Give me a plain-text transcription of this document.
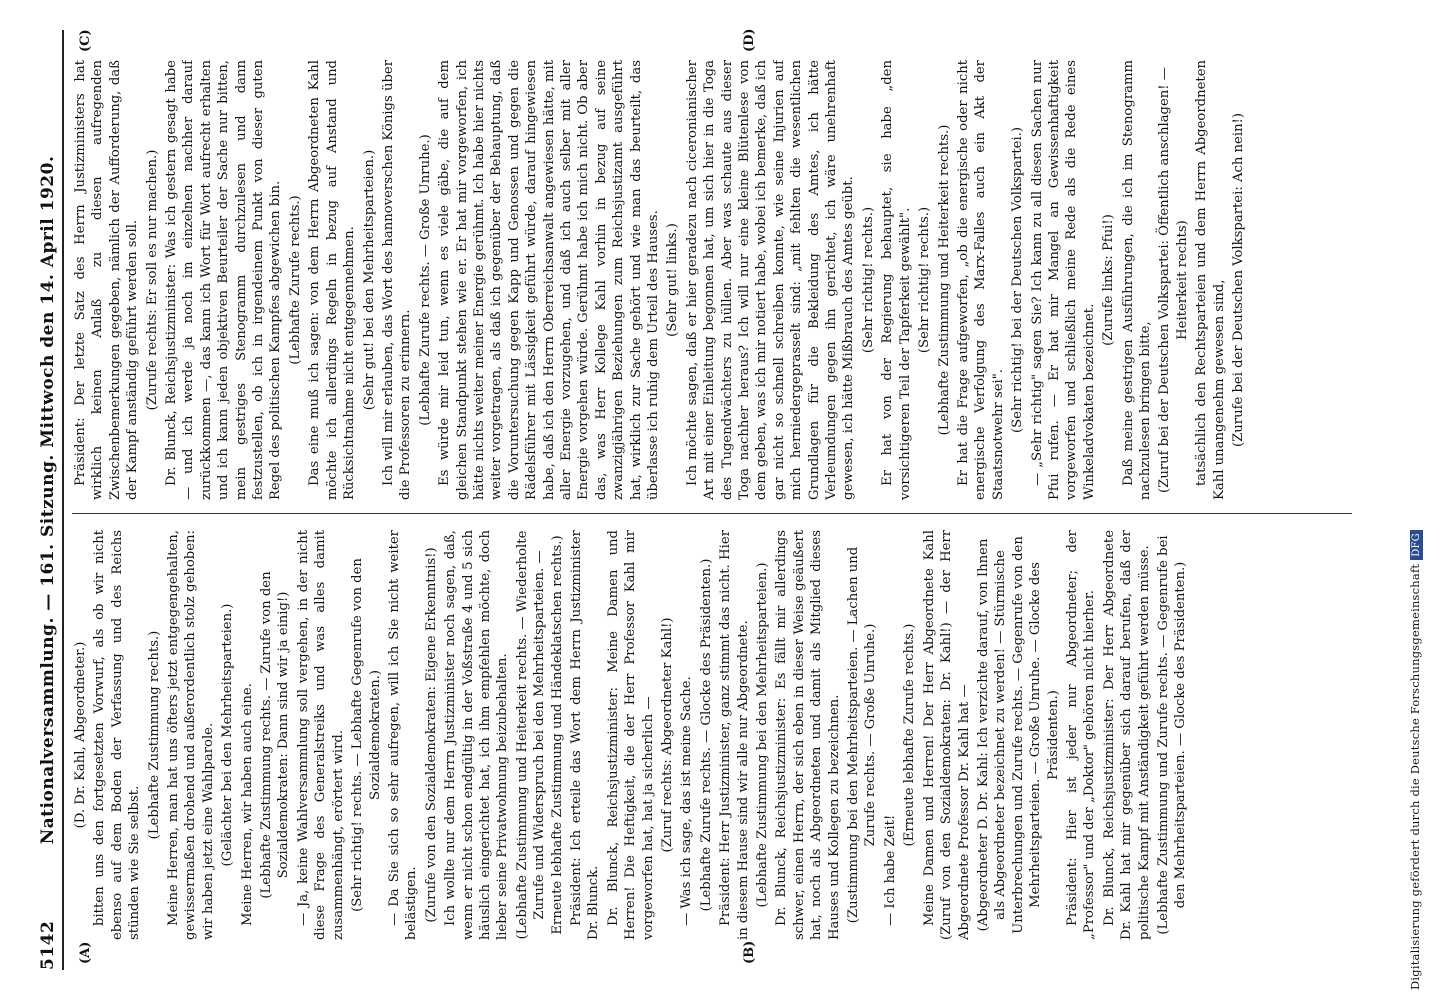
5142
Nationalversammlung. — 161. Sitzung. Mittwoch den 14. April 1920.
(A)	(B)
(C)	(D)

(D. Dr. Kahl, Abgeordneter.) bitten uns den fortgesetzten Vorwurf, als ob wir nicht ebenso auf dem Boden der Verfassung und des Reichs stünden wie Sie selbst.

(Lebhafte Zustimmung rechts.) Meine Herren, man hat uns öfters jetzt entgegengehalten, gewissermaßen drohend und außerordentlich stolz gehoben: wir haben jetzt eine Wahlparole. (Gelächter bei den Mehrheitsparteien.) Meine Herren, wir haben auch eine. (Lebhafte Zustimmung rechts. — Zurufe von den Sozialdemokraten: Dann sind wir ja einig!) — Ja, keine Wahlversammlung soll vergehen, in der nicht diese Frage des Generalstreiks und was alles damit zusammenhängt, erörtert wird. (Sehr richtig! rechts. — Lebhafte Gegenrufe von den Sozialdemokraten.) — Da Sie sich so sehr aufregen, will ich Sie nicht weiter belästigen. (Zurufe von den Sozialdemokraten: Eigene Erkenntnis!) Ich wollte nur dem Herrn Justizminister noch sagen, daß, wenn er nicht schon endgültig in der Voßstraße 4 und 5 sich häuslich eingerichtet hat, ich ihm empfehlen möchte, doch lieber seine Privatwohnung beizubehalten. (Lebhafte Zustimmung und Heiterkeit rechts. — Wiederholte Zurufe und Widerspruch bei den Mehrheitsparteien. — Erneute lebhafte Zustimmung und Händeklatschen rechts.) Präsident: Ich erteile das Wort dem Herrn Justizminister Dr. Blunck. Dr. Blunck, Reichsjustizminister: Meine Damen und Herren! Die Heftigkeit, die der Herr Professor Kahl mir vorgeworfen hat, hat ja sicherlich — (Zuruf rechts: Abgeordneter Kahl!) — Was ich sage, das ist meine Sache. (Lebhafte Zurufe rechts. — Glocke des Präsidenten.) Präsident: Herr Justizminister, ganz stimmt das nicht. Hier in diesem Hause sind wir alle nur Abgeordnete. (Lebhafte Zustimmung bei den Mehrheitsparteien.) Dr. Blunck, Reichsjustizminister: Es fällt mir allerdings schwer, einen Herrn, der sich eben in dieser Weise geäußert hat, noch als Abgeordneten und damit als Mitglied dieses Hauses und Kollegen zu bezeichnen. (Zustimmung bei den Mehrheitsparteien. — Lachen und Zurufe rechts. — Große Unruhe.)

— Ich habe Zeit!

(Erneute lebhafte Zurufe rechts.) Meine Damen und Herren! Der Herr Abgeordnete Kahl (Zuruf von den Sozialdemokraten: Dr. Kahl!) — der Herr Abgeordnete Professor Dr. Kahl hat — (Abgeordneter D. Dr. Kahl: Ich verzichte darauf, von Ihnen als Abgeordneter bezeichnet zu werden! — Stürmische Unterbrechungen und Zurufe rechts. — Gegenrufe von den Mehrheitsparteien. — Große Unruhe. — Glocke des Präsidenten.) Präsident: Hier ist jeder nur Abgeordneter; der „Professor" und der „Doktor" gehören nicht hierher. Dr. Blunck, Reichsjustizminister: Der Herr Abgeordnete Dr. Kahl hat mir gegenüber sich darauf berufen, daß der politische Kampf mit Anständigkeit geführt werden müsse. (Lebhafte Zustimmung und Zurufe rechts. — Gegenrufe bei den Mehrheitsparteien. — Glocke des Präsidenten.)

Präsident: Der letzte Satz des Herrn Justizministers hat wirklich keinen Anlaß zu diesen aufregenden Zwischenbemerkungen gegeben, nämlich der Aufforderung, daß der Kampf anständig geführt werden soll. (Zurufe rechts: Er soll es nur machen.) Dr. Blunck, Reichsjustizminister: Was ich gestern gesagt habe — und ich werde ja noch im einzelnen nachher darauf zurückkommen —, das kann ich Wort für Wort aufrecht erhalten und ich kann jeden objektiven Beurteiler der Sache nur bitten, mein gestriges Stenogramm durchzulesen und dann festzustellen, ob ich in irgendeinem Punkt von dieser guten Regel des politischen Kampfes abgewichen bin. (Lebhafte Zurufe rechts.) Das eine muß ich sagen: von dem Herrn Abgeordneten Kahl möchte ich allerdings Regeln in bezug auf Anstand und Rücksichtnahme nicht entgegennehmen. (Sehr gut! bei den Mehrheitsparteien.) Ich will mir erlauben, das Wort des hannoverschen Königs über die Professoren zu erinnern. (Lebhafte Zurufe rechts. — Große Unruhe.) Es würde mir leid tun, wenn es viele gäbe, die auf dem gleichen Standpunkt stehen wie er. Er hat mir vorgeworfen, ich hätte nichts weiter meiner Energie gerühmt. Ich habe hier nichts weiter vorgetragen, als daß ich gegenüber der Behauptung, daß die Voruntersuchung gegen Kapp und Genossen und gegen die Rädelsführer mit Lässigkeit geführt würde, darauf hingewiesen habe, daß ich den Herrn Oberreichsanwalt angewiesen hätte, mit aller Energie vorzugehen, und daß ich auch selber mit aller Energie vorgehen würde. Gerühmt habe ich mich nicht. Ob aber das, was Herr Kollege Kahl vorhin in bezug auf seine zwanzigjährigen Beziehungen zum Reichsjustizamt ausgeführt hat, wirklich zur Sache gehört und wie man das beurteilt, das überlasse ich ruhig dem Urteil des Hauses. (Sehr gut! links.) Ich möchte sagen, daß er hier geradezu nach ciceronianischer Art mit einer Einleitung begonnen hat, um sich hier in die Toga des Tugendwächters zu hüllen. Aber was schaute aus dieser Toga nachher heraus? Ich will nur eine kleine Blütenlese von dem geben, was ich mir notiert habe, wobei ich bemerke, daß ich gar nicht so schnell schreiben konnte, wie seine Injurien auf mich herniedergeprasselt sind: „mit fehlten die wesentlichen Grundlagen für die Bekleidung des Amtes, ich hätte Verleumdungen gegen ihn gerichtet, ich wäre unehrenhaft gewesen, ich hätte Mißbrauch des Amtes geübt. (Sehr richtig! rechts.) Er hat von der Regierung behauptet, sie habe „den vorsichtigeren Teil der Tapferkeit gewählt". (Sehr richtig! rechts.) (Lebhafte Zustimmung und Heiterkeit rechts.) Er hat die Frage aufgeworfen, „ob die energische oder nicht energische Verfolgung des Marx-Falles auch ein Akt der Staatsnotwehr sei".

(Sehr richtig! bei der Deutschen Volkspartei.) — „Sehr richtig" sagen Sie? Ich kann zu all diesen Sachen nur Pfui rufen. — Er hat mir Mangel an Gewissenhaftigkeit vorgeworfen und schließlich meine Rede als die Rede eines Winkeladvokaten bezeichnet.

(Zurufe links: Pfui!) Daß meine gestrigen Ausführungen, die ich im Stenogramm nachzulesen bringen bitte, (Zuruf bei der Deutschen Volkspartei: Öffentlich anschlagen! — Heiterkeit rechts) tatsächlich den Rechtsparteien und dem Herrn Abgeordneten Kahl unangenehm gewesen sind, (Zurufe bei der Deutschen Volkspartei: Ach nein!)

Digitalisierung gefördert durch die Deutsche ForschungsgemeinschaftDFG
